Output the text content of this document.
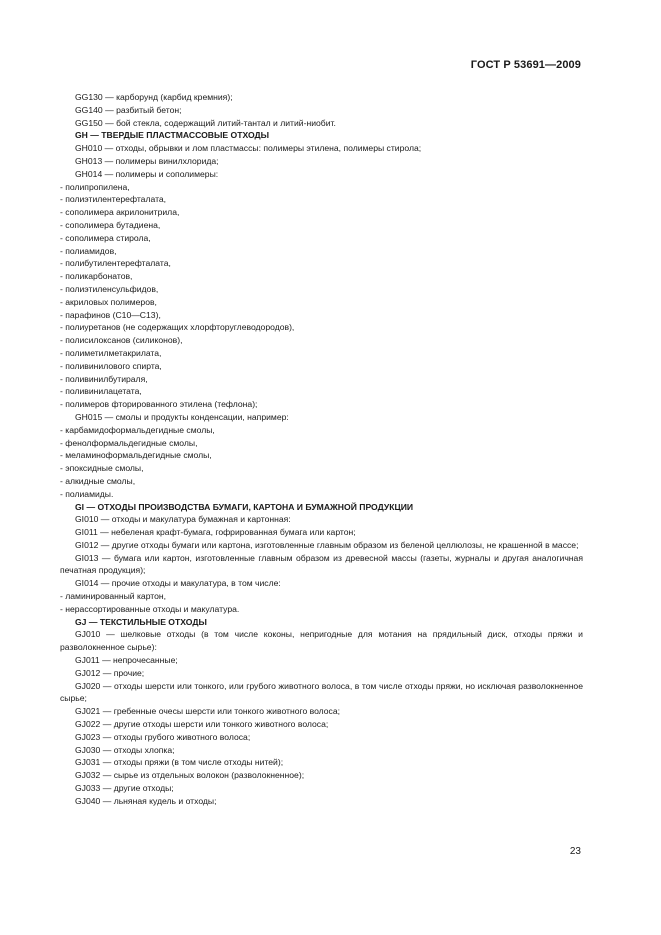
ГОСТ Р 53691—2009
GG130 — карборунд (карбид кремния);
GG140 — разбитый бетон;
GG150 — бой стекла, содержащий литий-тантал и литий-ниобит.
GH — ТВЕРДЫЕ ПЛАСТМАССОВЫЕ ОТХОДЫ
GH010 — отходы, обрывки и лом пластмассы: полимеры этилена, полимеры стирола;
GH013 — полимеры винилхлорида;
GH014 — полимеры и сополимеры:
- полипропилена,
- полиэтилентерефталата,
- сополимера акрилонитрила,
- сополимера бутадиена,
- сополимера стирола,
- полиамидов,
- полибутилентерефталата,
- поликарбонатов,
- полиэтиленсульфидов,
- акриловых полимеров,
- парафинов (С10—С13),
- полиуретанов (не содержащих хлорфторуглеводородов),
- полисилоксанов (силиконов),
- полиметилметакрилата,
- поливинилового спирта,
- поливинилбутираля,
- поливинилацетата,
- полимеров фторированного этилена (тефлона);
GH015 — смолы и продукты конденсации, например:
- карбамидоформальдегидные смолы,
- фенолформальдегидные смолы,
- меламиноформальдегидные смолы,
- эпоксидные смолы,
- алкидные смолы,
- полиамиды.
GI — ОТХОДЫ ПРОИЗВОДСТВА БУМАГИ, КАРТОНА И БУМАЖНОЙ ПРОДУКЦИИ
GI010 — отходы и макулатура бумажная и картонная:
GI011 — небеленая крафт-бумага, гофрированная бумага или картон;
GI012 — другие отходы бумаги или картона, изготовленные главным образом из беленой целлюлозы, не крашенной в массе;
GI013 — бумага или картон, изготовленные главным образом из древесной массы (газеты, журналы и другая аналогичная печатная продукция);
GI014 — прочие отходы и макулатура, в том числе:
- ламинированный картон,
- нерассортированные отходы и макулатура.
GJ — ТЕКСТИЛЬНЫЕ ОТХОДЫ
GJ010 — шелковые отходы (в том числе коконы, непригодные для мотания на прядильный диск, отходы пряжи и разволокненное сырье):
GJ011 — непрочесанные;
GJ012 — прочие;
GJ020 — отходы шерсти или тонкого, или грубого животного волоса, в том числе отходы пряжи, но исключая разволокненное сырье;
GJ021 — гребенные очесы шерсти или тонкого животного волоса;
GJ022 — другие отходы шерсти или тонкого животного волоса;
GJ023 — отходы грубого животного волоса;
GJ030 — отходы хлопка;
GJ031 — отходы пряжи (в том числе отходы нитей);
GJ032 — сырье из отдельных волокон (разволокненное);
GJ033 — другие отходы;
GJ040 — льняная кудель и отходы;
23
